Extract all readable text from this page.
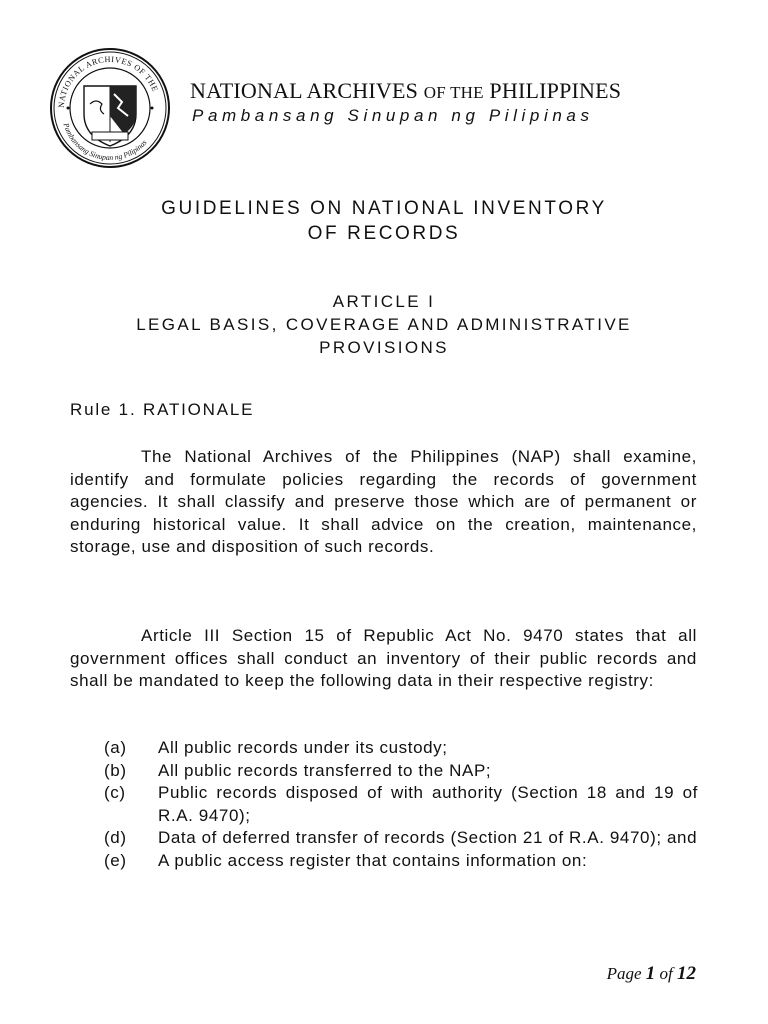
NATIONAL ARCHIVES OF THE
Pambansang Sinupan ng Pilipinas
NATIONAL ARCHIVES OF THE PHILIPPINES
Pambansang Sinupan ng Pilipinas
GUIDELINES ON NATIONAL INVENTORY
OF RECORDS
ARTICLE I
LEGAL BASIS, COVERAGE AND ADMINISTRATIVE
PROVISIONS
Rule 1. RATIONALE
The National Archives of the Philippines (NAP) shall examine, identify and formulate policies regarding the records of government agencies. It shall classify and preserve those which are of permanent or enduring historical value. It shall advice on the creation, maintenance, storage, use and disposition of such records.
Article III Section 15 of Republic Act No. 9470 states that all government offices shall conduct an inventory of their public records and shall be mandated to keep the following data in their respective registry:
(a)	All public records under its custody;
(b)	All public records transferred to the NAP;
(c)	Public records disposed of with authority (Section 18 and 19 of R.A. 9470);
(d)	Data of deferred transfer of records (Section 21 of R.A. 9470); and
(e)	A public access register that contains information on:
Page 1 of 12
